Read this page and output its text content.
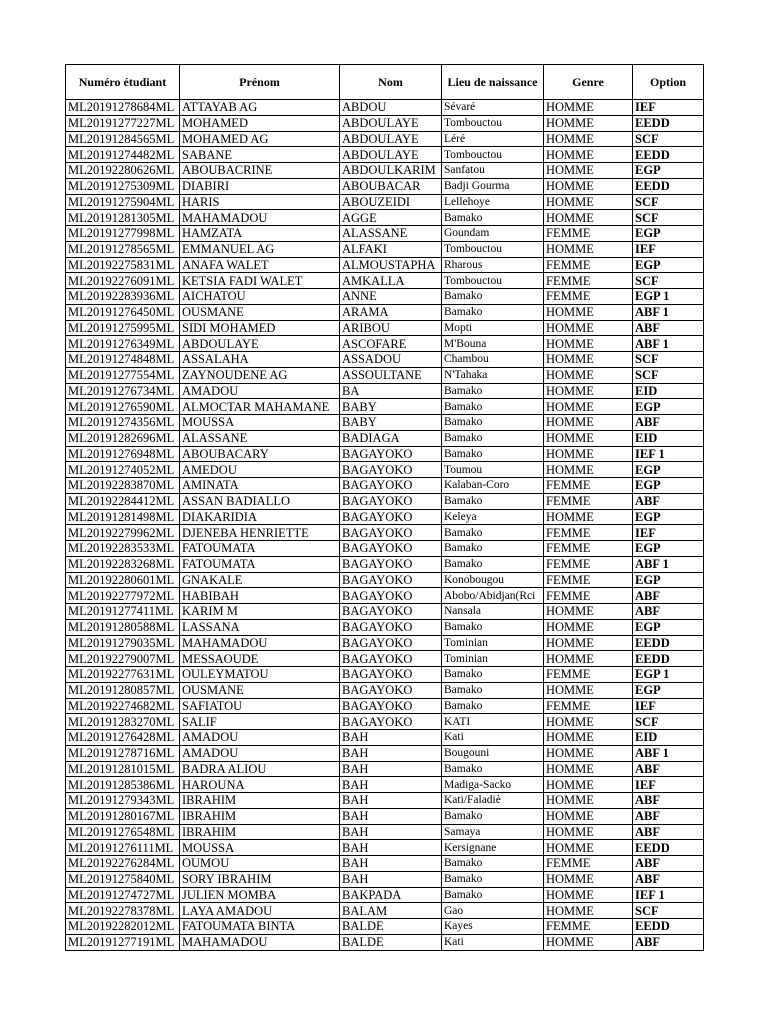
Numéro étudiant	Prénom	Nom	Lieu de naissance	Genre	Option
ML20191278684ML	ATTAYAB AG	ABDOU	Sévaré	HOMME	IEF
ML20191277227ML	MOHAMED	ABDOULAYE	Tombouctou	HOMME	EEDD
ML20191284565ML	MOHAMED AG	ABDOULAYE	Léré	HOMME	SCF
ML20191274482ML	SABANE	ABDOULAYE	Tombouctou	HOMME	EEDD
ML20192280626ML	ABOUBACRINE	ABDOULKARIM	Sanfatou	HOMME	EGP
ML20191275309ML	DIABIRI	ABOUBACAR	Badji Gourma	HOMME	EEDD
ML20191275904ML	HARIS	ABOUZEIDI	Lellehoye	HOMME	SCF
ML20191281305ML	MAHAMADOU	AGGE	Bamako	HOMME	SCF
ML20191277998ML	HAMZATA	ALASSANE	Goundam	FEMME	EGP
ML20191278565ML	EMMANUEL AG	ALFAKI	Tombouctou	HOMME	IEF
ML20192275831ML	ANAFA WALET	ALMOUSTAPHA	Rharous	FEMME	EGP
ML20192276091ML	KETSIA FADI WALET	AMKALLA	Tombouctou	FEMME	SCF
ML20192283936ML	AICHATOU	ANNE	Bamako	FEMME	EGP 1
ML20191276450ML	OUSMANE	ARAMA	Bamako	HOMME	ABF 1
ML20191275995ML	SIDI MOHAMED	ARIBOU	Mopti	HOMME	ABF
ML20191276349ML	ABDOULAYE	ASCOFARE	M'Bouna	HOMME	ABF 1
ML20191274848ML	ASSALAHA	ASSADOU	Chambou	HOMME	SCF
ML20191277554ML	ZAYNOUDENE AG	ASSOULTANE	N'Tahaka	HOMME	SCF
ML20191276734ML	AMADOU	BA	Bamako	HOMME	EID
ML20191276590ML	ALMOCTAR MAHAMANE	BABY	Bamako	HOMME	EGP
ML20191274356ML	MOUSSA	BABY	Bamako	HOMME	ABF
ML20191282696ML	ALASSANE	BADIAGA	Bamako	HOMME	EID
ML20191276948ML	ABOUBACARY	BAGAYOKO	Bamako	HOMME	IEF 1
ML20191274052ML	AMEDOU	BAGAYOKO	Toumou	HOMME	EGP
ML20192283870ML	AMINATA	BAGAYOKO	Kalaban-Coro	FEMME	EGP
ML20192284412ML	ASSAN BADIALLO	BAGAYOKO	Bamako	FEMME	ABF
ML20191281498ML	DIAKARIDIA	BAGAYOKO	Keleya	HOMME	EGP
ML20192279962ML	DJENEBA HENRIETTE	BAGAYOKO	Bamako	FEMME	IEF
ML20192283533ML	FATOUMATA	BAGAYOKO	Bamako	FEMME	EGP
ML20192283268ML	FATOUMATA	BAGAYOKO	Bamako	FEMME	ABF 1
ML20192280601ML	GNAKALE	BAGAYOKO	Konobougou	FEMME	EGP
ML20192277972ML	HABIBAH	BAGAYOKO	Abobo/Abidjan(Rci	FEMME	ABF
ML20191277411ML	KARIM M	BAGAYOKO	Nansala	HOMME	ABF
ML20191280588ML	LASSANA	BAGAYOKO	Bamako	HOMME	EGP
ML20191279035ML	MAHAMADOU	BAGAYOKO	Tominian	HOMME	EEDD
ML20192279007ML	MESSAOUDE	BAGAYOKO	Tominian	HOMME	EEDD
ML20192277631ML	OULEYMATOU	BAGAYOKO	Bamako	FEMME	EGP 1
ML20191280857ML	OUSMANE	BAGAYOKO	Bamako	HOMME	EGP
ML20192274682ML	SAFIATOU	BAGAYOKO	Bamako	FEMME	IEF
ML20191283270ML	SALIF	BAGAYOKO	KATI	HOMME	SCF
ML20191276428ML	AMADOU	BAH	Kati	HOMME	EID
ML20191278716ML	AMADOU	BAH	Bougouni	HOMME	ABF 1
ML20191281015ML	BADRA ALIOU	BAH	Bamako	HOMME	ABF
ML20191285386ML	HAROUNA	BAH	Madiga-Sacko	HOMME	IEF
ML20191279343ML	IBRAHIM	BAH	Kati/Faladiè	HOMME	ABF
ML20191280167ML	IBRAHIM	BAH	Bamako	HOMME	ABF
ML20191276548ML	IBRAHIM	BAH	Samaya	HOMME	ABF
ML20191276111ML	MOUSSA	BAH	Kersignane	HOMME	EEDD
ML20192276284ML	OUMOU	BAH	Bamako	FEMME	ABF
ML20191275840ML	SORY IBRAHIM	BAH	Bamako	HOMME	ABF
ML20191274727ML	JULIEN MOMBA	BAKPADA	Bamako	HOMME	IEF 1
ML20192278378ML	LAYA AMADOU	BALAM	Gao	HOMME	SCF
ML20192282012ML	FATOUMATA BINTA	BALDE	Kayes	FEMME	EEDD
ML20191277191ML	MAHAMADOU	BALDE	Kati	HOMME	ABF
